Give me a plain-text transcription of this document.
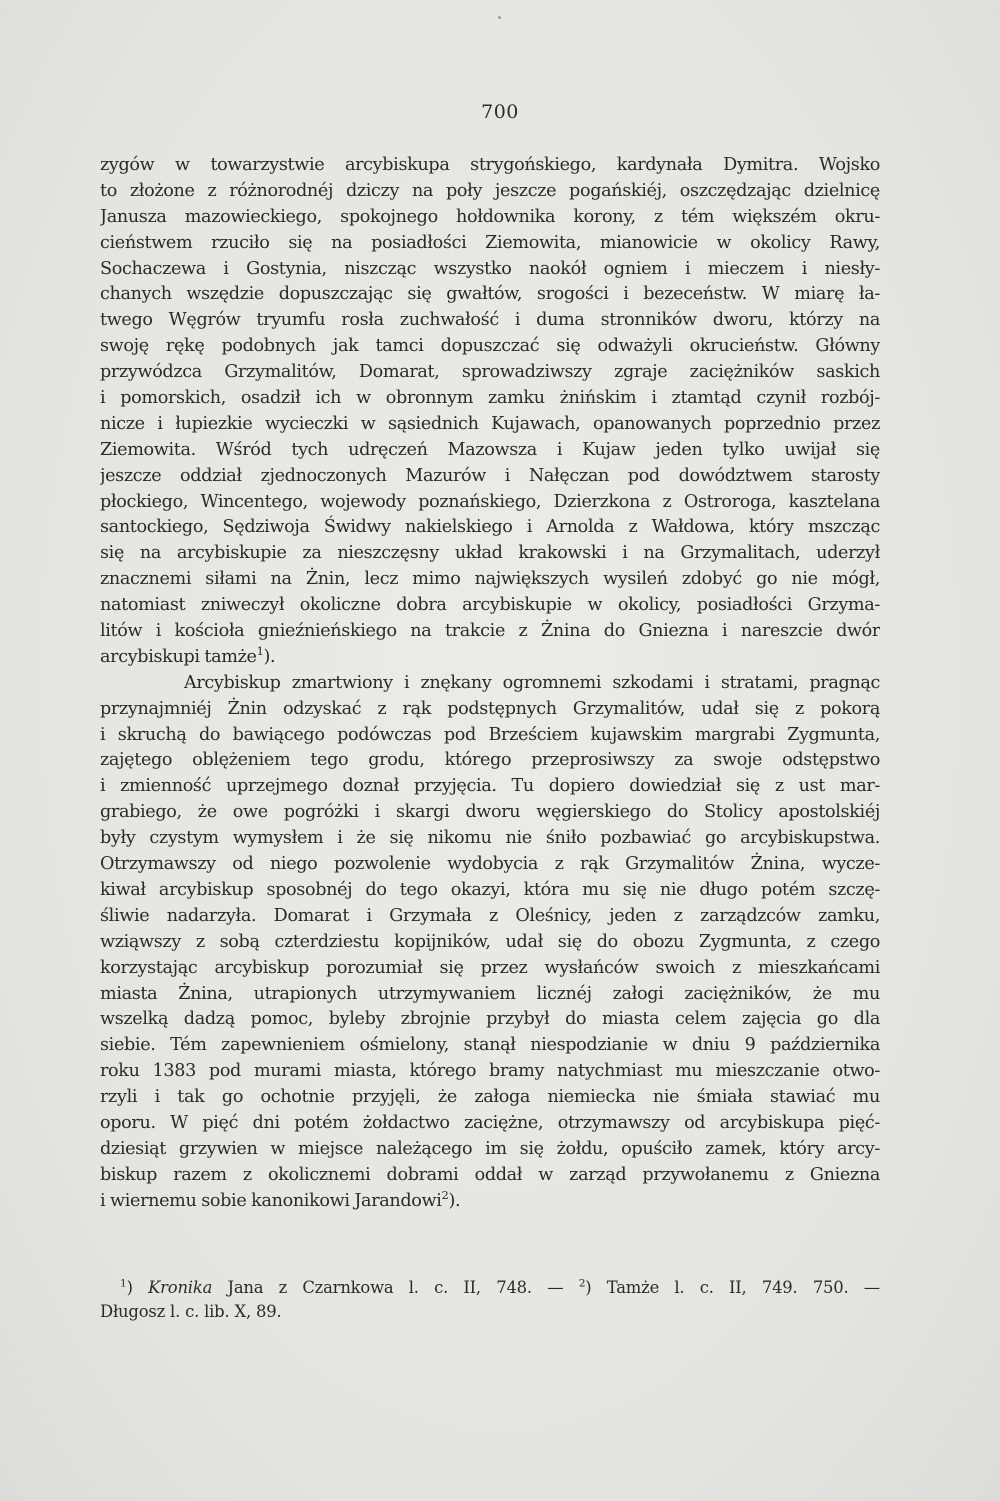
700
zygów w towarzystwie arcybiskupa strygońskiego, kardynała Dymitra. Wojsko
to złożone z różnorodnéj dziczy na poły jeszcze pogańskiéj, oszczędzając dzielnicę
Janusza mazowieckiego, spokojnego hołdownika korony, z tém większém okru-
cieństwem rzuciło się na posiadłości Ziemowita, mianowicie w okolicy Rawy,
Sochaczewa i Gostynia, niszcząc wszystko naokół ogniem i mieczem i niesły-
chanych wszędzie dopuszczając się gwałtów, srogości i bezeceństw. W miarę ła-
twego Węgrów tryumfu rosła zuchwałość i duma stronników dworu, którzy na
swoję rękę podobnych jak tamci dopuszczać się odważyli okrucieństw. Główny
przywódzca Grzymalitów, Domarat, sprowadziwszy zgraje zaciężników saskich
i pomorskich, osadził ich w obronnym zamku żnińskim i ztamtąd czynił rozbój-
nicze i łupiezkie wycieczki w sąsiednich Kujawach, opanowanych poprzednio przez
Ziemowita. Wśród tych udręczeń Mazowsza i Kujaw jeden tylko uwijał się
jeszcze oddział zjednoczonych Mazurów i Nałęczan pod dowództwem starosty
płockiego, Wincentego, wojewody poznańskiego, Dzierzkona z Ostroroga, kasztelana
santockiego, Sędziwoja Świdwy nakielskiego i Arnolda z Wałdowa, który mszcząc
się na arcybiskupie za nieszczęsny układ krakowski i na Grzymalitach, uderzył
znacznemi siłami na Żnin, lecz mimo największych wysileń zdobyć go nie mógł,
natomiast zniweczył okoliczne dobra arcybiskupie w okolicy, posiadłości Grzyma-
litów i kościoła gnieźnieńskiego na trakcie z Żnina do Gniezna i nareszcie dwór
arcybiskupi tamże$^1$).
Arcybiskup zmartwiony i znękany ogromnemi szkodami i stratami, pragnąc
przynajmniéj Żnin odzyskać z rąk podstępnych Grzymalitów, udał się z pokorą
i skruchą do bawiącego podówczas pod Brześciem kujawskim margrabi Zygmunta,
zajętego oblężeniem tego grodu, którego przeprosiwszy za swoje odstępstwo
i zmienność uprzejmego doznał przyjęcia. Tu dopiero dowiedział się z ust mar-
grabiego, że owe pogróżki i skargi dworu węgierskiego do Stolicy apostolskiéj
były czystym wymysłem i że się nikomu nie śniło pozbawiać go arcybiskupstwa.
Otrzymawszy od niego pozwolenie wydobycia z rąk Grzymalitów Żnina, wycze-
kiwał arcybiskup sposobnéj do tego okazyi, która mu się nie długo potém szczę-
śliwie nadarzyła. Domarat i Grzymała z Oleśnicy, jeden z zarządzców zamku,
wziąwszy z sobą czterdziestu kopijników, udał się do obozu Zygmunta, z czego
korzystając arcybiskup porozumiał się przez wysłańców swoich z mieszkańcami
miasta Żnina, utrapionych utrzymywaniem licznéj załogi zaciężników, że mu
wszelką dadzą pomoc, byleby zbrojnie przybył do miasta celem zajęcia go dla
siebie. Tém zapewnieniem ośmielony, stanął niespodzianie w dniu 9 października
roku 1383 pod murami miasta, którego bramy natychmiast mu mieszczanie otwo-
rzyli i tak go ochotnie przyjęli, że załoga niemiecka nie śmiała stawiać mu
oporu. W pięć dni potém żołdactwo zaciężne, otrzymawszy od arcybiskupa pięć-
dziesiąt grzywien w miejsce należącego im się żołdu, opuściło zamek, który arcy-
biskup razem z okolicznemi dobrami oddał w zarząd przywołanemu z Gniezna
i wiernemu sobie kanonikowi Jarandowi$^2$).
$^1$) Kronika Jana z Czarnkowa l. c. II, 748. — $^2$) Tamże l. c. II, 749. 750. —
Długosz l. c. lib. X, 89.
